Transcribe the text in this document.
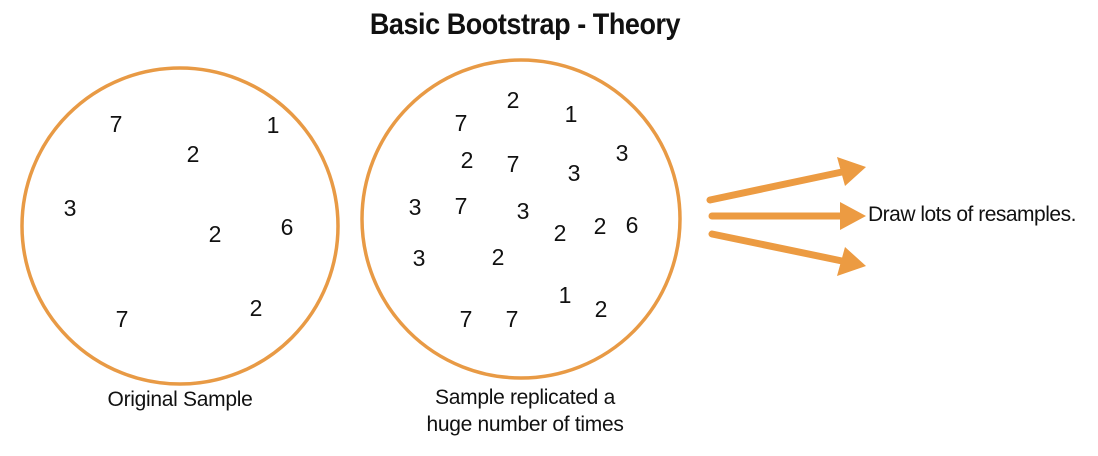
Basic Bootstrap - Theory
7	1
2
3
2	6
7	2
2
1
7
3
2 7 3
3 7 3
2 2 6
3	2
1
7 7	2
Original Sample	Sample replicated a
huge number of times
Draw lots of resamples.
